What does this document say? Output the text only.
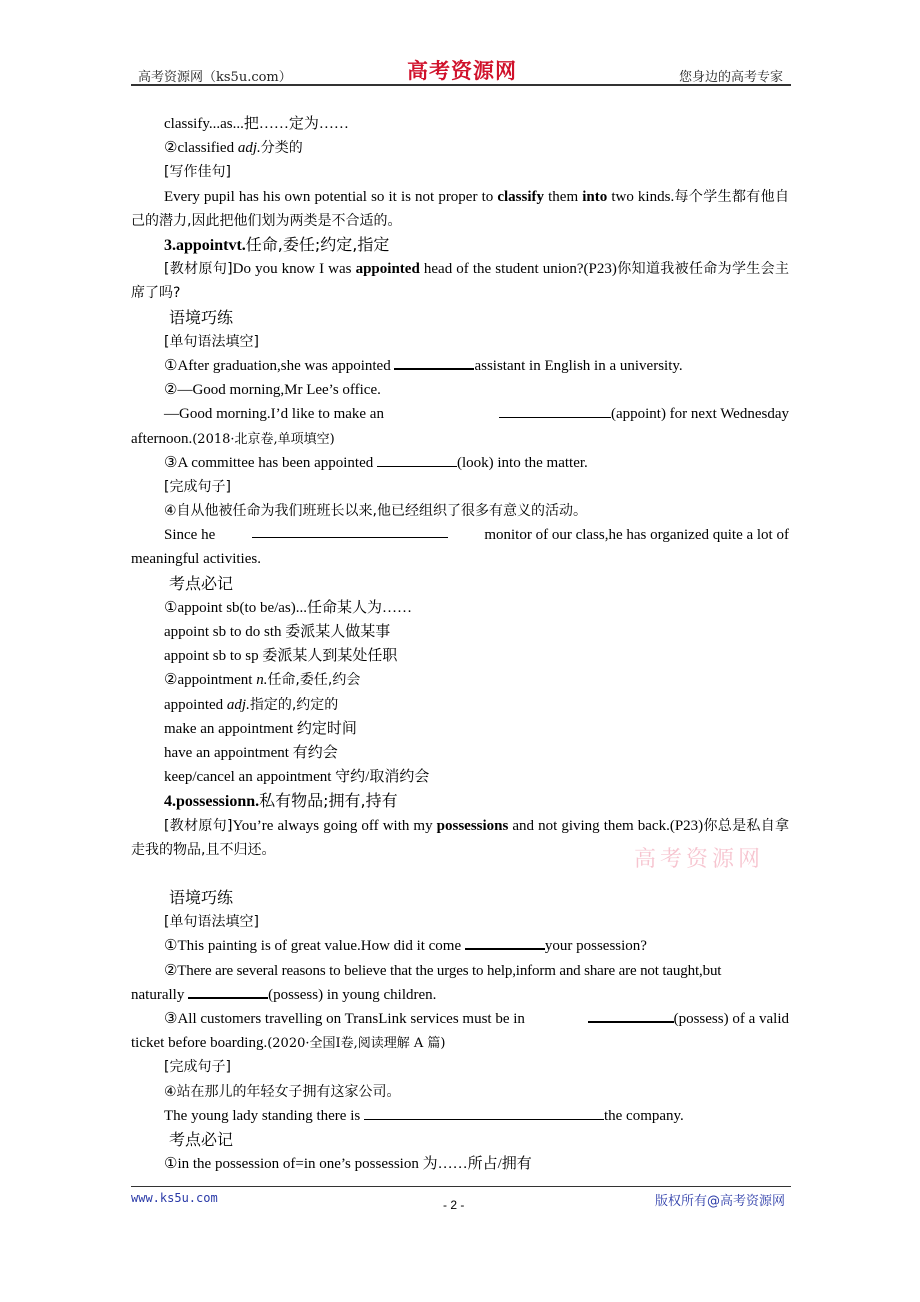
高考资源网（ks5u.com）	高考资源网	您身边的高考专家
classify...as...把……定为……
②classified adj.分类的
[写作佳句]
Every pupil has his own potential so it is not proper to classify them into two kinds.每个学生都有他自己的潜力,因此把他们划为两类是不合适的。
3.appointvt.任命,委任;约定,指定
[教材原句]Do you know I was appointed head of the student union?(P23)你知道我被任命为学生会主席了吗?
语境巧练
[单句语法填空]
①After graduation,she was appointed	assistant in English in a university.
②—Good morning,Mr Lee’s office.
—Good morning.I’d like to make an	(appoint) for next Wednesday
afternoon.(2018·北京卷,单项填空)
③A committee has been appointed	(look) into the matter.
[完成句子]
④自从他被任命为我们班班长以来,他已经组织了很多有意义的活动。
Since he	monitor of our class,he has organized quite a lot of
meaningful activities.
考点必记
①appoint sb(to be/as)...任命某人为……
appoint sb to do sth 委派某人做某事
appoint sb to sp 委派某人到某处任职
②appointment n.任命,委任,约会
appointed adj.指定的,约定的
make an appointment 约定时间
have an appointment 有约会
keep/cancel an appointment 守约/取消约会
4.possessionn.私有物品;拥有,持有
[教材原句]You’re always going off with my possessions and not giving them back.(P23)你总是私自拿走我的物品,且不归还。
语境巧练
[单句语法填空]
①This painting is of great value.How did it come	your possession?
②There are several reasons to believe that the urges to help,inform and share are not taught,but
naturally	(possess) in young children.
③All customers travelling on TransLink services must be in	(possess) of a valid
ticket before boarding.(2020·全国Ⅰ卷,阅读理解 A 篇)
[完成句子]
④站在那儿的年轻女子拥有这家公司。
The young lady standing there is	the company.
考点必记
①in the possession of=in one’s possession 为……所占/拥有
高考资源网
www.ks5u.com	- 2 -	版权所有@高考资源网
